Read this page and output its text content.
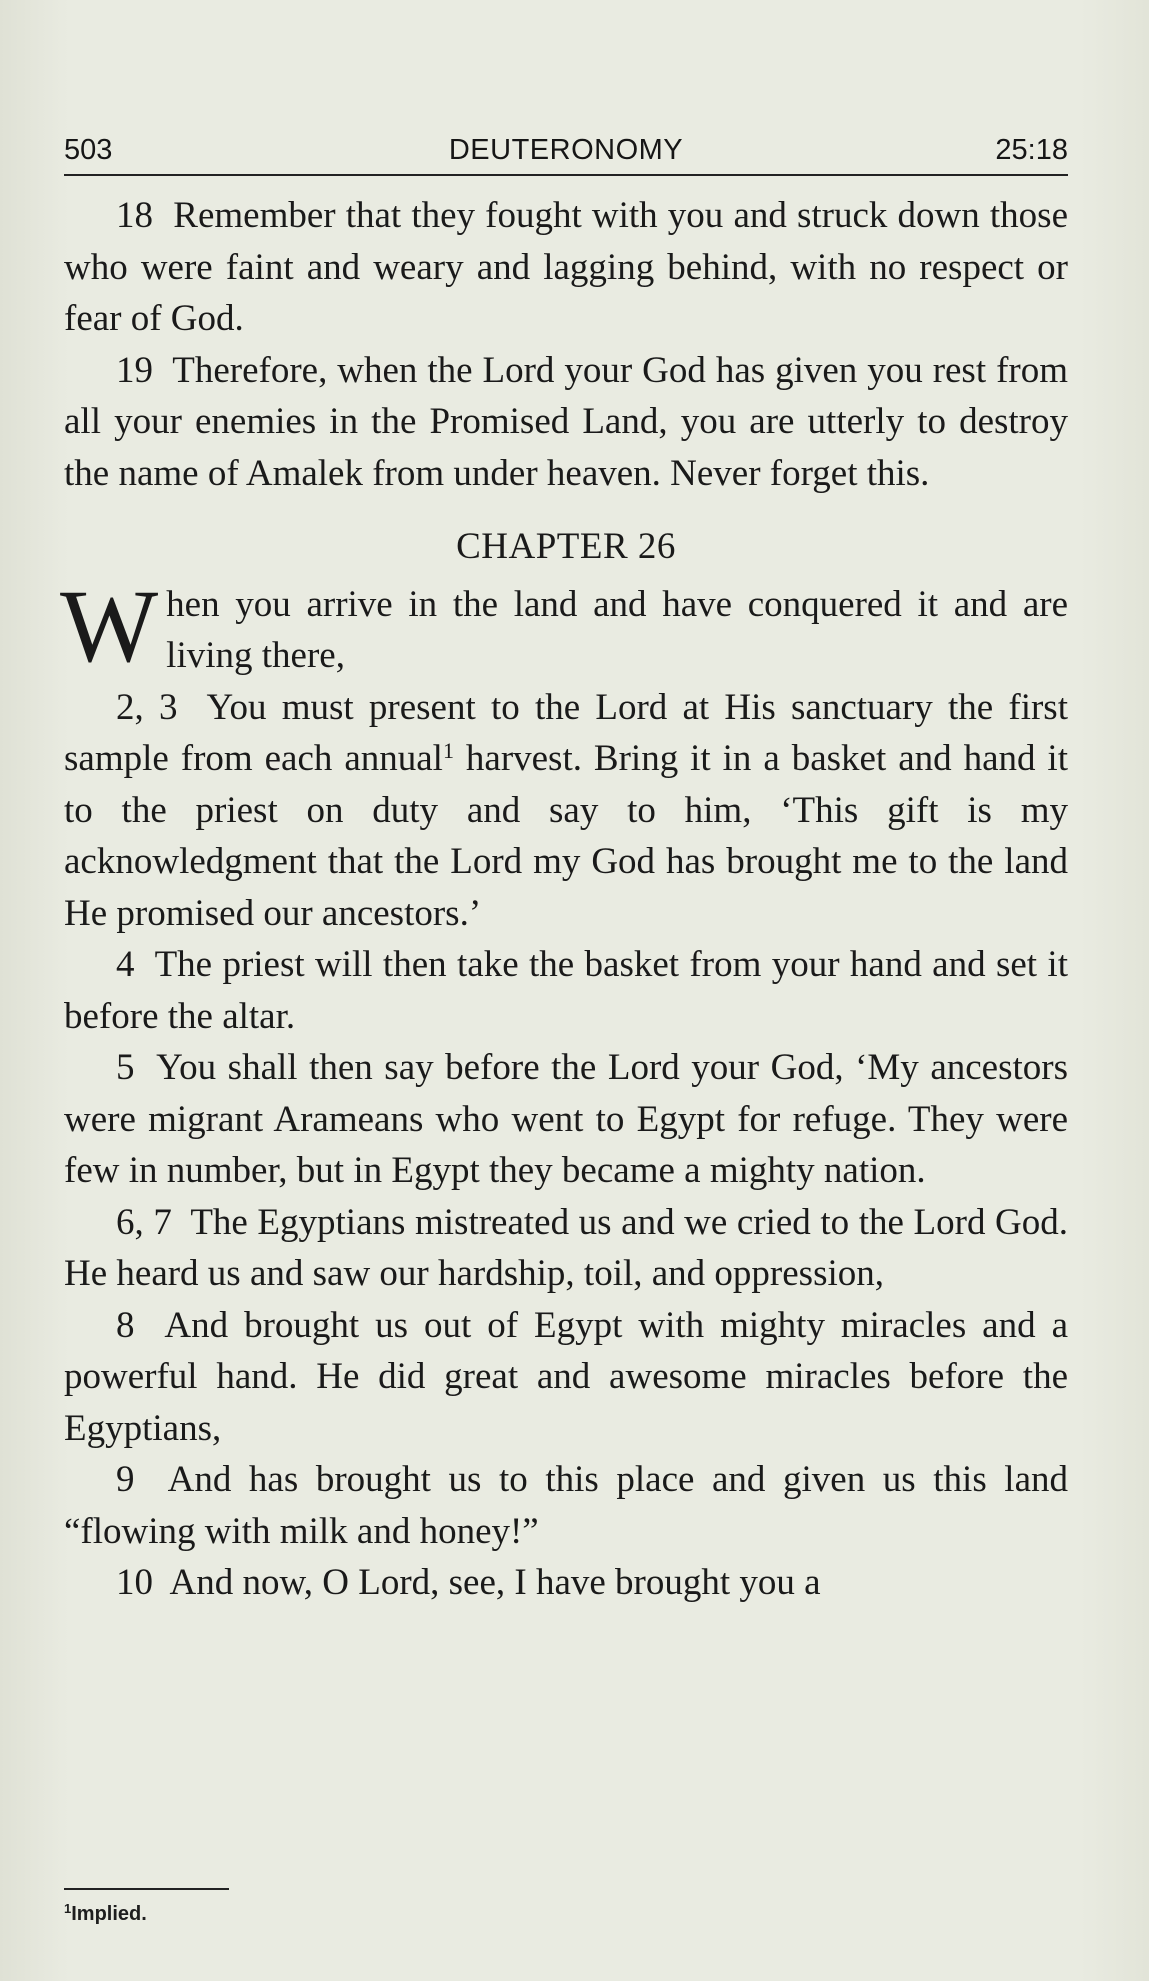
503	DEUTERONOMY	25:18

18 Remember that they fought with you and struck down those who were faint and weary and lagging behind, with no respect or fear of God.

19 Therefore, when the Lord your God has given you rest from all your enemies in the Promised Land, you are utterly to destroy the name of Amalek from under heaven. Never forget this.

CHAPTER 26

When you arrive in the land and have conquered it and are living there,

2, 3 You must present to the Lord at His sanctuary the first sample from each annual$^1$ harvest. Bring it in a basket and hand it to the priest on duty and say to him, ‘This gift is my acknowledgment that the Lord my God has brought me to the land He promised our ancestors.’

4 The priest will then take the basket from your hand and set it before the altar.

5 You shall then say before the Lord your God, ‘My ancestors were migrant Arameans who went to Egypt for refuge. They were few in number, but in Egypt they became a mighty nation.

6, 7 The Egyptians mistreated us and we cried to the Lord God. He heard us and saw our hardship, toil, and oppression,

8 And brought us out of Egypt with mighty miracles and a powerful hand. He did great and awesome miracles before the Egyptians,

9 And has brought us to this place and given us this land “flowing with milk and honey!”

10 And now, O Lord, see, I have brought you a

$^1$Implied.
